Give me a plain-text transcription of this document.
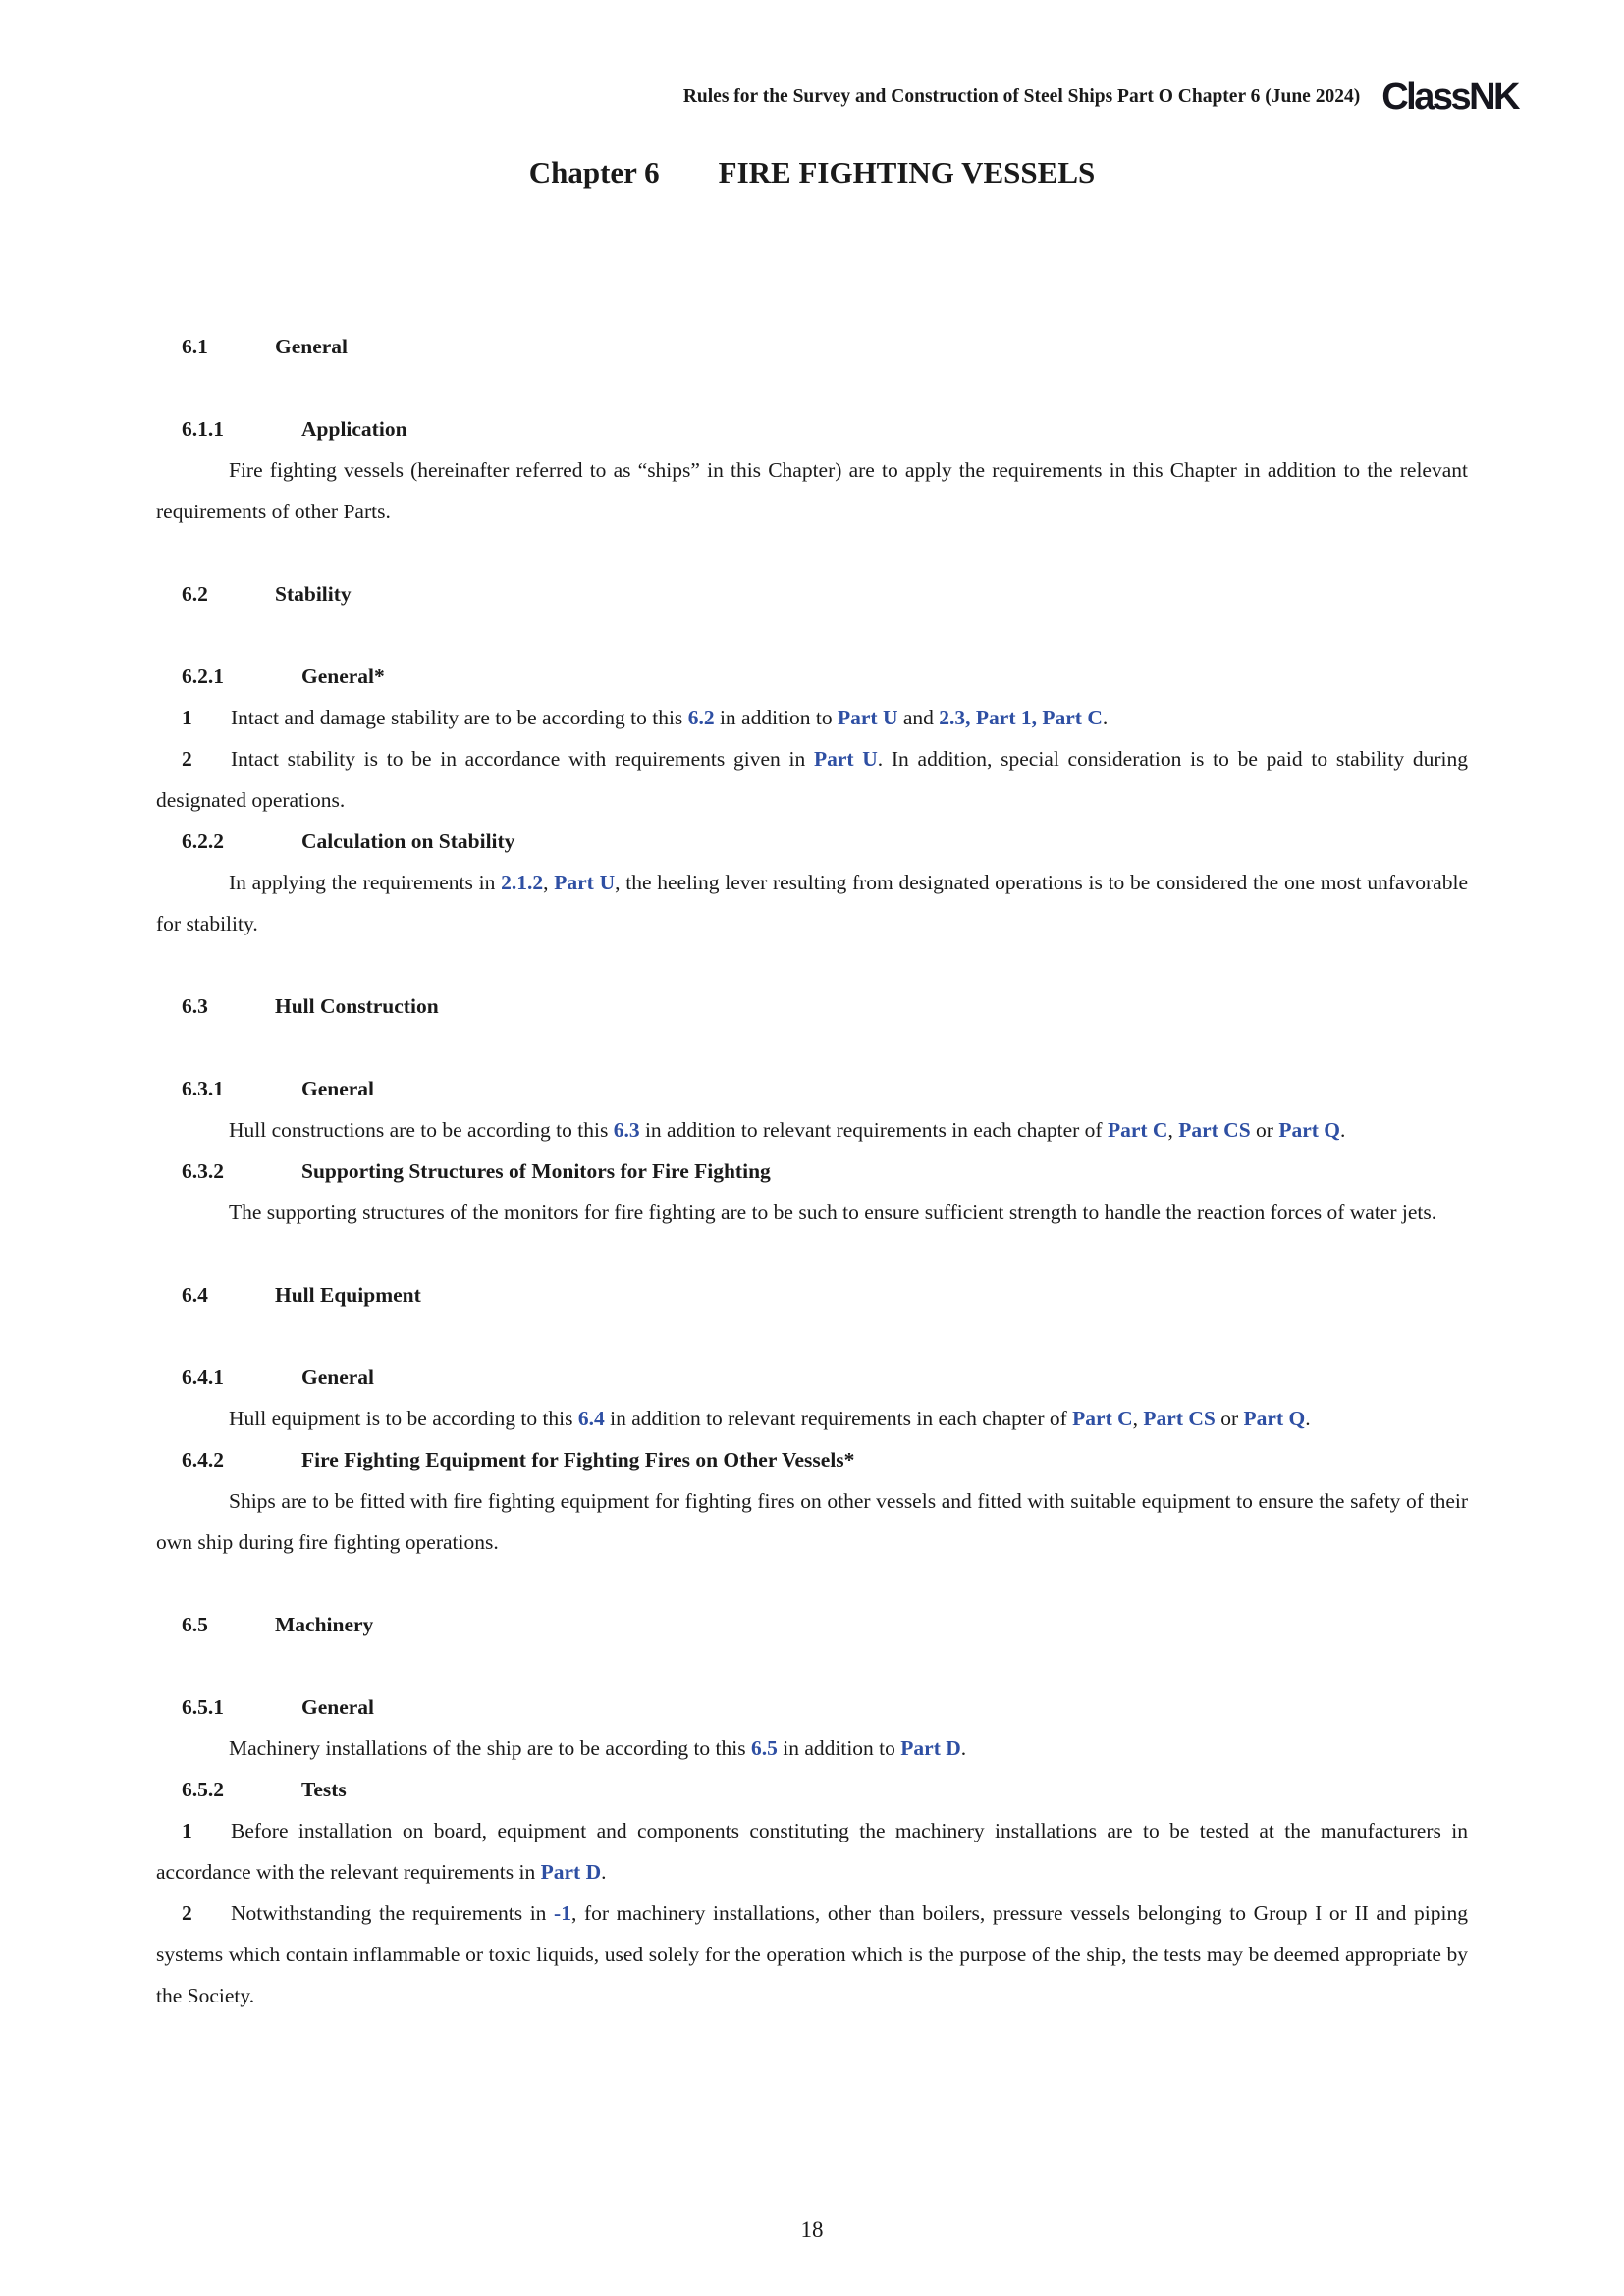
Rules for the Survey and Construction of Steel Ships Part O Chapter 6 (June 2024) ClassNK
Chapter 6 FIRE FIGHTING VESSELS
6.1	General
6.1.1	Application

Fire fighting vessels (hereinafter referred to as “ships” in this Chapter) are to apply the requirements in this Chapter in addition to the relevant requirements of other Parts.

6.2	Stability
6.2.1	General*

1 Intact and damage stability are to be according to this 6.2 in addition to Part U and 2.3, Part 1, Part C.

2 Intact stability is to be in accordance with requirements given in Part U. In addition, special consideration is to be paid to stability during designated operations.

6.2.2	Calculation on Stability

In applying the requirements in 2.1.2, Part U, the heeling lever resulting from designated operations is to be considered the one most unfavorable for stability.

6.3	Hull Construction
6.3.1	General

Hull constructions are to be according to this 6.3 in addition to relevant requirements in each chapter of Part C, Part CS or Part Q.

6.3.2	Supporting Structures of Monitors for Fire Fighting

The supporting structures of the monitors for fire fighting are to be such to ensure sufficient strength to handle the reaction forces of water jets.

6.4	Hull Equipment
6.4.1	General

Hull equipment is to be according to this 6.4 in addition to relevant requirements in each chapter of Part C, Part CS or Part Q.

6.4.2	Fire Fighting Equipment for Fighting Fires on Other Vessels*

Ships are to be fitted with fire fighting equipment for fighting fires on other vessels and fitted with suitable equipment to ensure the safety of their own ship during fire fighting operations.

6.5	Machinery
6.5.1	General

Machinery installations of the ship are to be according to this 6.5 in addition to Part D.

6.5.2	Tests

1 Before installation on board, equipment and components constituting the machinery installations are to be tested at the manufacturers in accordance with the relevant requirements in Part D.

2 Notwithstanding the requirements in -1, for machinery installations, other than boilers, pressure vessels belonging to Group I or II and piping systems which contain inflammable or toxic liquids, used solely for the operation which is the purpose of the ship, the tests may be deemed appropriate by the Society.

18
